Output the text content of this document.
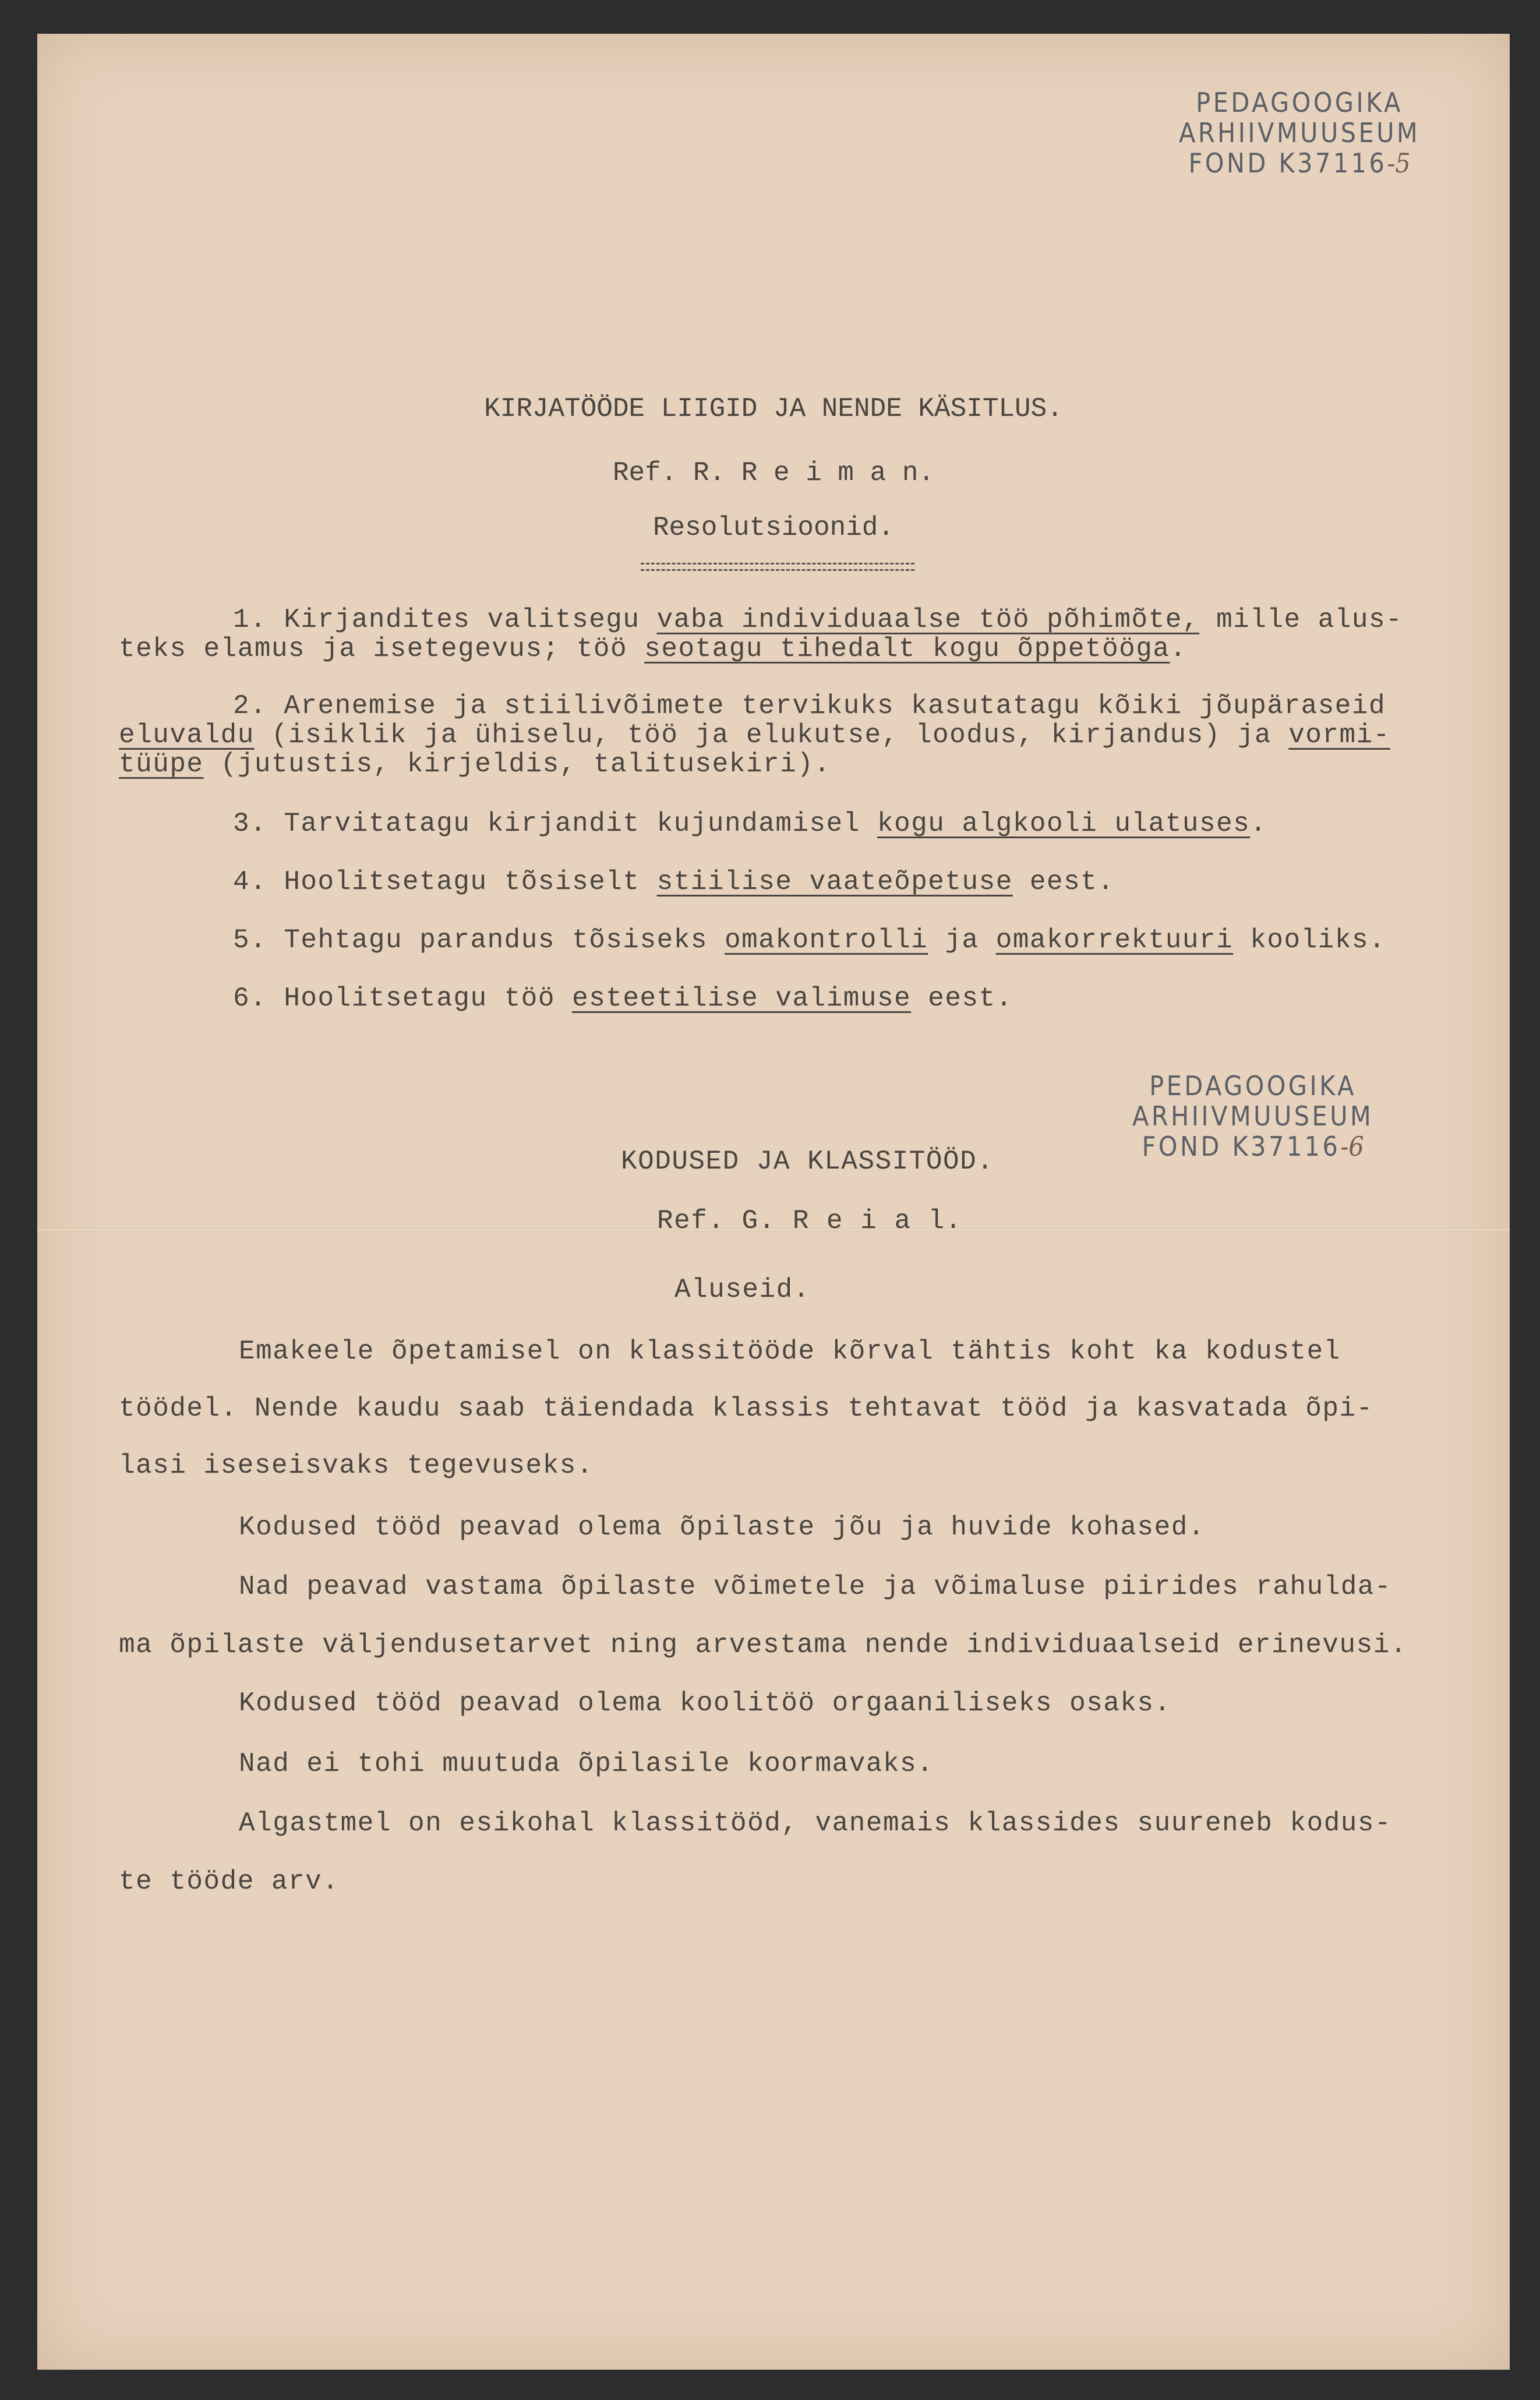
PEDAGOOGIKA
ARHIIVMUUSEUM
FOND K37116-5
KIRJATÖÖDE LIIGID JA NENDE KÄSITLUS.
Ref. R. R e i m a n.
Resolutsioonid.
1. Kirjandites valitsegu vaba individuaalse töö põhimõte, mille alus-
teks elamus ja isetegevus; töö seotagu tihedalt kogu õppetööga.
2. Arenemise ja stiilivõimete tervikuks kasutatagu kõiki jõupäraseid
eluvaldu (isiklik ja ühiselu, töö ja elukutse, loodus, kirjandus) ja vormi-
tüüpe (jutustis, kirjeldis, talitusekiri).
3. Tarvitatagu kirjandit kujundamisel kogu algkooli ulatuses.
4. Hoolitsetagu tõsiselt stiilise vaateõpetuse eest.
5. Tehtagu parandus tõsiseks omakontrolli ja omakorrektuuri kooliks.
6. Hoolitsetagu töö esteetilise valimuse eest.
PEDAGOOGIKA
ARHIIVMUUSEUM
FOND K37116-6
KODUSED JA KLASSITÖÖD.
Ref. G. R e i a l.
Aluseid.
Emakeele õpetamisel on klassitööde kõrval tähtis koht ka kodustel
töödel. Nende kaudu saab täiendada klassis tehtavat tööd ja kasvatada õpi-
lasi iseseisvaks tegevuseks.
Kodused tööd peavad olema õpilaste jõu ja huvide kohased.
Nad peavad vastama õpilaste võimetele ja võimaluse piirides rahulda-
ma õpilaste väljendusetarvet ning arvestama nende individuaalseid erinevusi.
Kodused tööd peavad olema koolitöö orgaaniliseks osaks.
Nad ei tohi muutuda õpilasile koormavaks.
Algastmel on esikohal klassitööd, vanemais klassides suureneb kodus-
te tööde arv.
